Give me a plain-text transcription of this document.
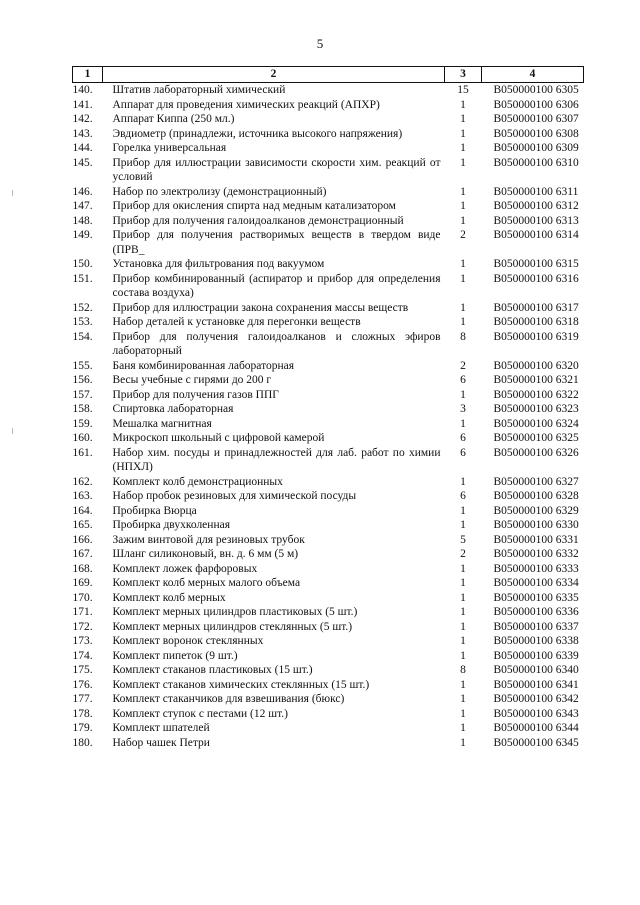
5
1	2	3	4
140.	Штатив лабораторный химический	15	B050000100 6305
141.	Аппарат для проведения химических реакций (АПХР)	1	B050000100 6306
142.	Аппарат Киппа (250 мл.)	1	B050000100 6307
143.	Эвдиометр (принадлежи, источника высокого напряжения)	1	B050000100 6308
144.	Горелка универсальная	1	B050000100 6309
145.	Прибор для иллюстрации зависимости скорости хим. реакций от условий	1	B050000100 6310
146.	Набор по электролизу (демонстрационный)	1	B050000100 6311
147.	Прибор для окисления спирта над медным катализатором	1	B050000100 6312
148.	Прибор для получения галоидоалканов демонстрационный	1	B050000100 6313
149.	Прибор для получения растворимых веществ в твердом виде (ПРВ_	2	B050000100 6314
150.	Установка для фильтрования под вакуумом	1	B050000100 6315
151.	Прибор комбинированный (аспиратор и прибор для определения состава воздуха)	1	B050000100 6316
152.	Прибор для иллюстрации закона сохранения массы веществ	1	B050000100 6317
153.	Набор деталей к установке для перегонки веществ	1	B050000100 6318
154.	Прибор для получения галоидоалканов и сложных эфиров лабораторный	8	B050000100 6319
155.	Баня комбинированная лабораторная	2	B050000100 6320
156.	Весы учебные с гирями до 200 г	6	B050000100 6321
157.	Прибор для получения газов ППГ	1	B050000100 6322
158.	Спиртовка лабораторная	3	B050000100 6323
159.	Мешалка магнитная	1	B050000100 6324
160.	Микроскоп школьный с цифровой камерой	6	B050000100 6325
161.	Набор хим. посуды и принадлежностей для лаб. работ по химии (НПХЛ)	6	B050000100 6326
162.	Комплект колб демонстрационных	1	B050000100 6327
163.	Набор пробок резиновых для химической посуды	6	B050000100 6328
164.	Пробирка Вюрца	1	B050000100 6329
165.	Пробирка двухколенная	1	B050000100 6330
166.	Зажим винтовой для резиновых трубок	5	B050000100 6331
167.	Шланг силиконовый, вн. д. 6 мм (5 м)	2	B050000100 6332
168.	Комплект ложек фарфоровых	1	B050000100 6333
169.	Комплект колб мерных малого объема	1	B050000100 6334
170.	Комплект колб мерных	1	B050000100 6335
171.	Комплект мерных цилиндров пластиковых (5 шт.)	1	B050000100 6336
172.	Комплект мерных цилиндров стеклянных (5 шт.)	1	B050000100 6337
173.	Комплект воронок стеклянных	1	B050000100 6338
174.	Комплект пипеток (9 шт.)	1	B050000100 6339
175.	Комплект стаканов пластиковых (15 шт.)	8	B050000100 6340
176.	Комплект стаканов химических стеклянных (15 шт.)	1	B050000100 6341
177.	Комплект стаканчиков для взвешивания (бюкс)	1	B050000100 6342
178.	Комплект ступок с пестами (12 шт.)	1	B050000100 6343
179.	Комплект шпателей	1	B050000100 6344
180.	Набор чашек Петри	1	B050000100 6345
